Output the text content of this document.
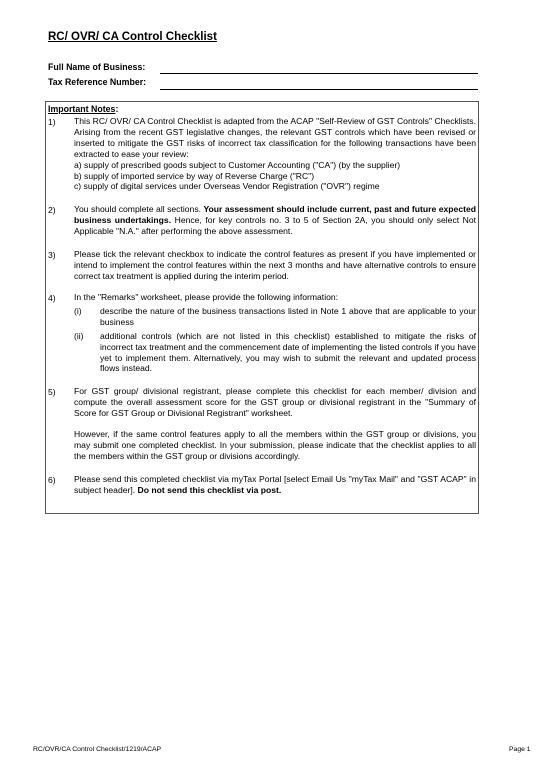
RC/ OVR/ CA Control Checklist
Full Name of Business:
Tax Reference Number:
Important Notes:
1) This RC/ OVR/ CA Control Checklist is adapted from the ACAP "Self-Review of GST Controls" Checklists. Arising from the recent GST legislative changes, the relevant GST controls which have been revised or inserted to mitigate the GST risks of incorrect tax classification for the following transactions have been extracted to ease your review:
a) supply of prescribed goods subject to Customer Accounting ("CA") (by the supplier)
b) supply of imported service by way of Reverse Charge ("RC")
c) supply of digital services under Overseas Vendor Registration ("OVR") regime
2) You should complete all sections. Your assessment should include current, past and future expected business undertakings. Hence, for key controls no. 3 to 5 of Section 2A, you should only select Not Applicable "N.A." after performing the above assessment.
3) Please tick the relevant checkbox to indicate the control features as present if you have implemented or intend to implement the control features within the next 3 months and have alternative controls to ensure correct tax treatment is applied during the interim period.
4) In the "Remarks" worksheet, please provide the following information:
(i)	describe the nature of the business transactions listed in Note 1 above that are applicable to your business
(ii)	additional controls (which are not listed in this checklist) established to mitigate the risks of incorrect tax treatment and the commencement date of implementing the listed controls if you have yet to implement them. Alternatively, you may wish to submit the relevant and updated process flows instead.
5) For GST group/ divisional registrant, please complete this checklist for each member/ division and compute the overall assessment score for the GST group or divisional registrant in the "Summary of Score for GST Group or Divisional Registrant" worksheet.
However, if the same control features apply to all the members within the GST group or divisions, you may submit one completed checklist. In your submission, please indicate that the checklist applies to all the members within the GST group or divisions accordingly.
6) Please send this completed checklist via myTax Portal [select Email Us "myTax Mail" and "GST ACAP" in subject header]. Do not send this checklist via post.
RC/OVR/CA Control Checklist/1219/ACAP	Page 1
